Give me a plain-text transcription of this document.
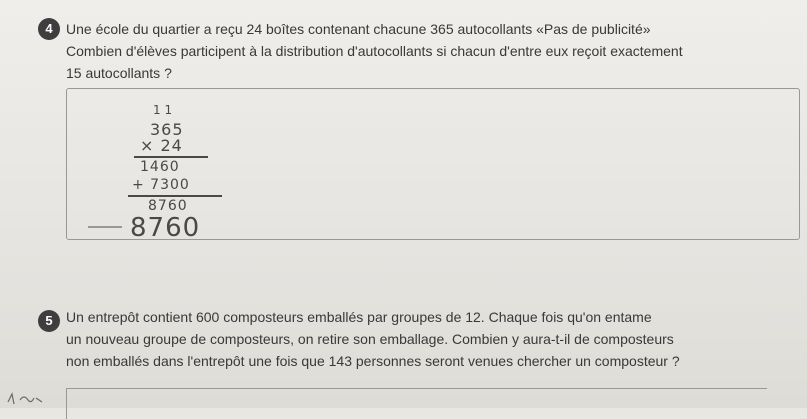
4 Une école du quartier a reçu 24 boîtes contenant chacune 365 autocollants «Pas de publicité»
Combien d'élèves participent à la distribution d'autocollants si chacun d'entre eux reçoit exactement
15 autocollants ?
1 1
365
× 24
1460
+ 7300
8760
8760
5 Un entrepôt contient 600 composteurs emballés par groupes de 12. Chaque fois qu'on entame
un nouveau groupe de composteurs, on retire son emballage. Combien y aura-t-il de composteurs
non emballés dans l'entrepôt une fois que 143 personnes seront venues chercher un composteur ?
